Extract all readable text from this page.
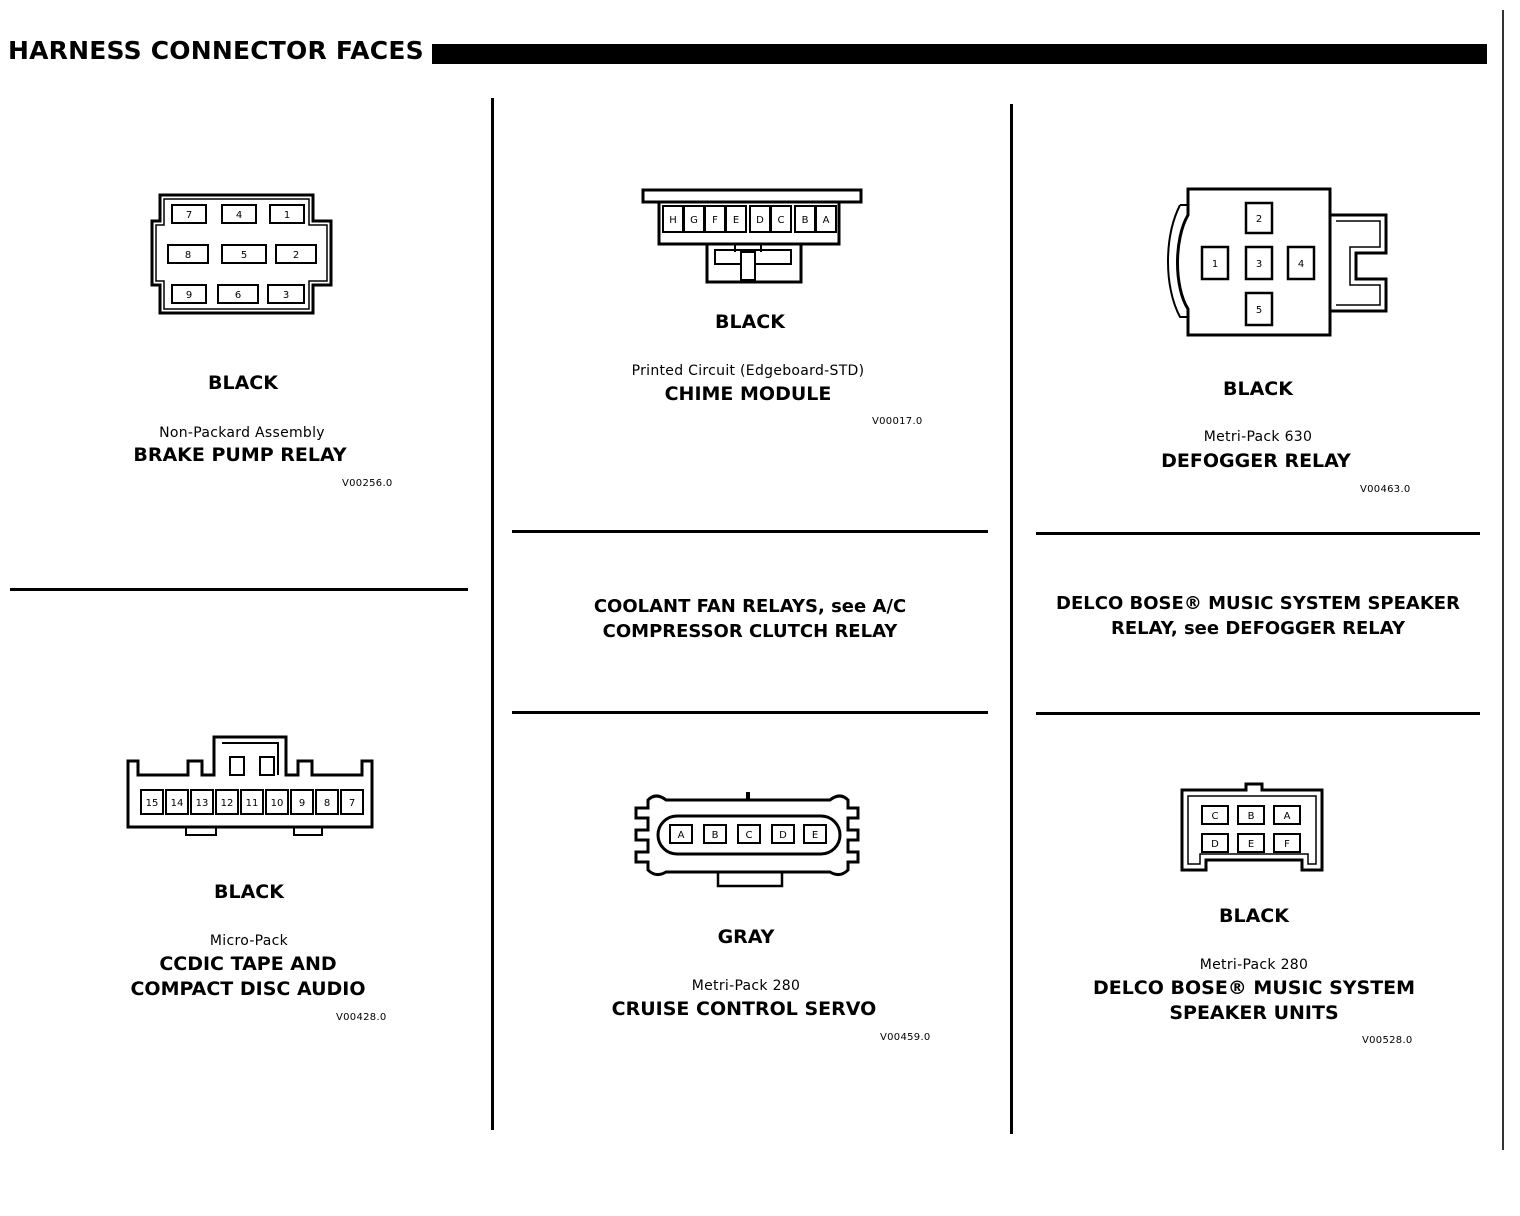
HARNESS CONNECTOR FACES
7	4	1
8	5	2
9	6	3
BLACK
Non-Packard Assembly
BRAKE PUMP RELAY
V00256.0
H G F E D C B A
BLACK
Printed Circuit (Edgeboard-STD)
CHIME MODULE
V00017.0
2
1	3	4
5
BLACK
Metri-Pack 630
DEFOGGER RELAY
V00463.0
COOLANT FAN RELAYS, see A/C
COMPRESSOR CLUTCH RELAY
DELCO BOSE® MUSIC SYSTEM SPEAKER
RELAY, see DEFOGGER RELAY
15 14 13 12 11 10 9 8 7
BLACK
Micro-Pack
CCDIC TAPE AND
COMPACT DISC AUDIO
V00428.0
A	B	C	D E
GRAY
Metri-Pack 280
CRUISE CONTROL SERVO
V00459.0
C	B	A
D	E	F
BLACK
Metri-Pack 280
DELCO BOSE® MUSIC SYSTEM
SPEAKER UNITS
V00528.0
